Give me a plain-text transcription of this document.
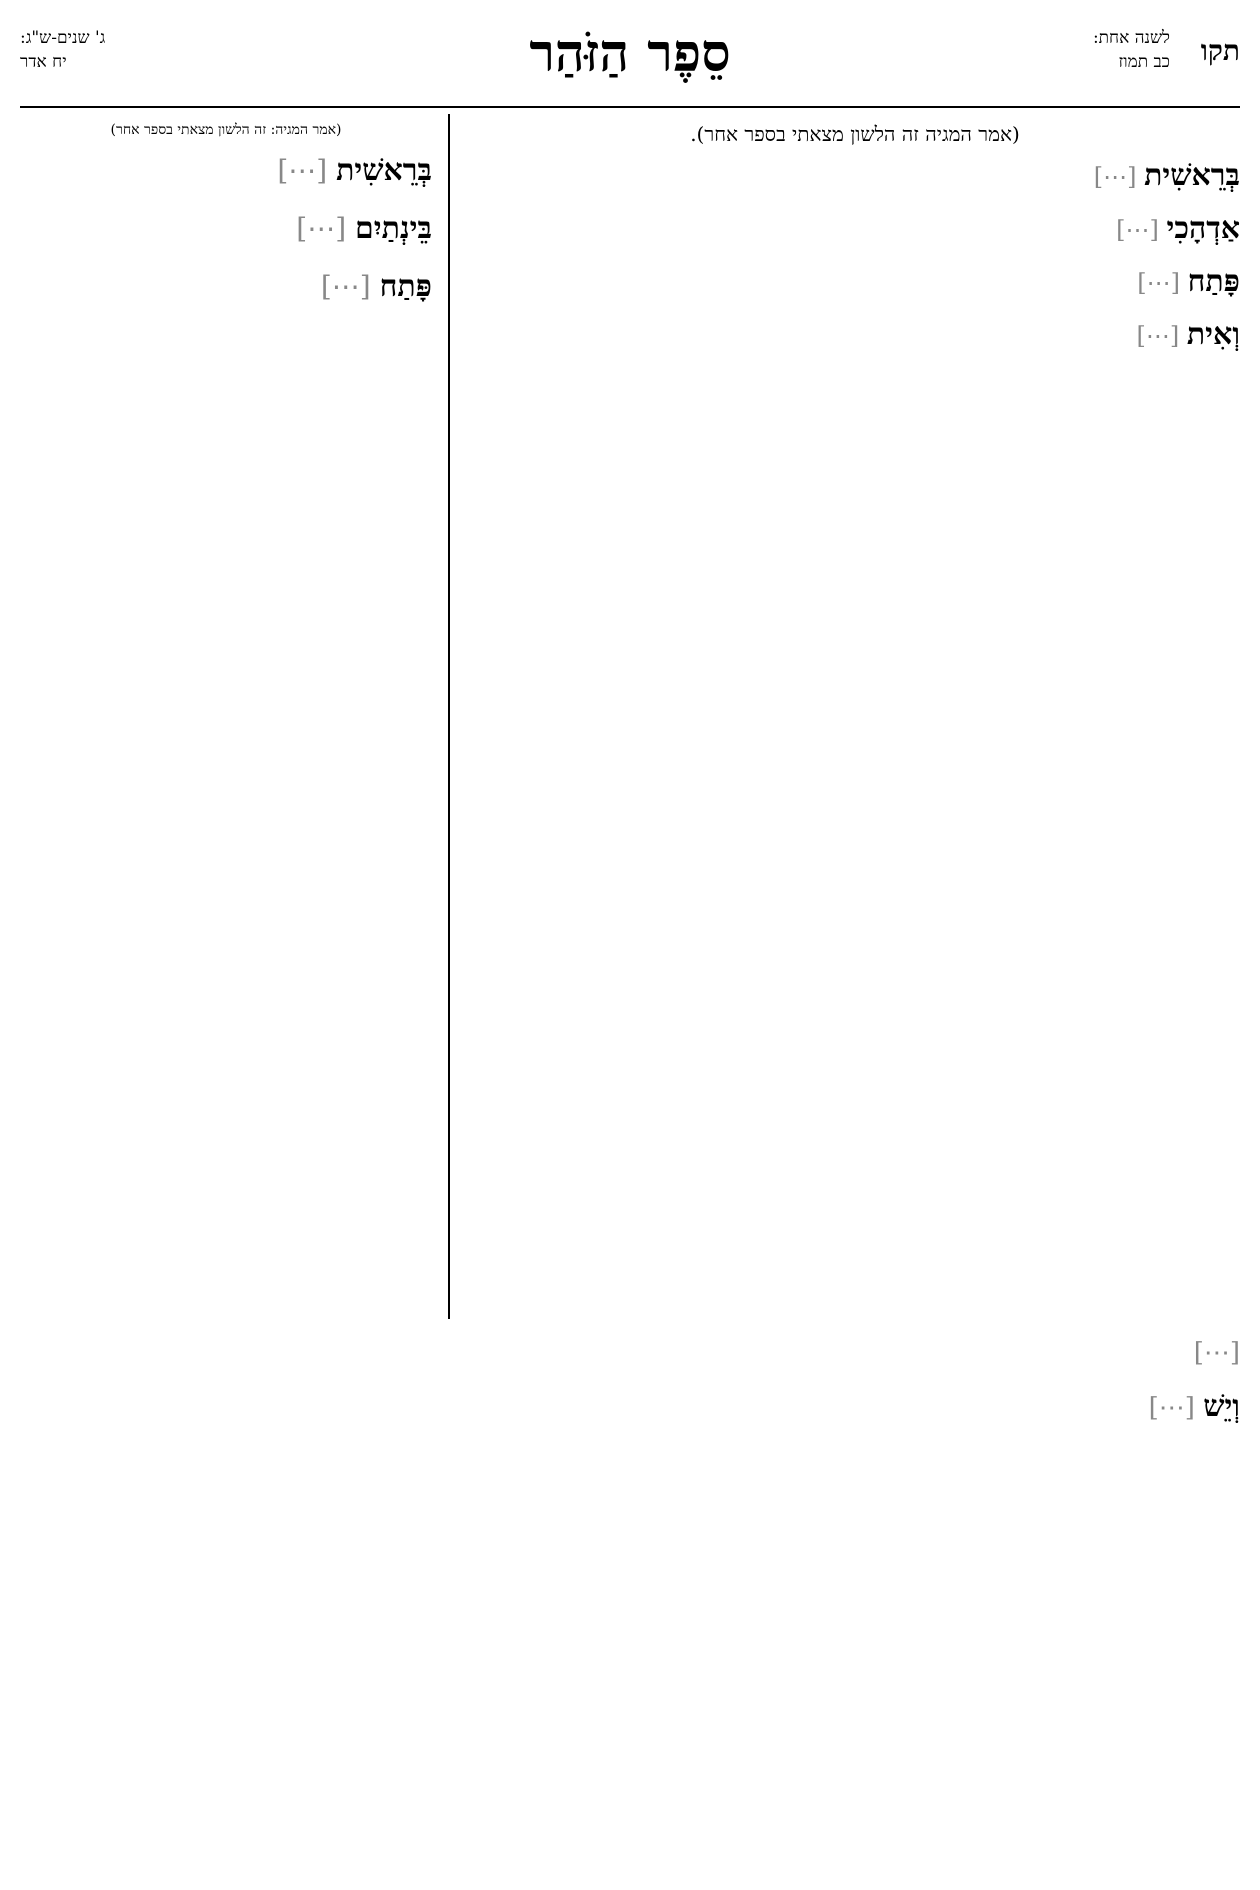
תקו
לשנה אחת:
כב תמוז
סֵפֶר הַזֹּהַר
ג' שנים-ש"ג:
יח אדר
(אמר המגיה זה הלשון מצאתי בספר אחר).

בְּרֵאשִׁית [⋯]

אַדְהָכִי [⋯]

פָּתַח [⋯]

וְאִית [⋯]

(אמר המגיה: זה הלשון מצאתי בספר אחר)

בְּרֵאשִׁית [⋯]

בֵּינְתַיִם [⋯]

פָּתַח [⋯]

[⋯]

וְיֵשׁ [⋯]
